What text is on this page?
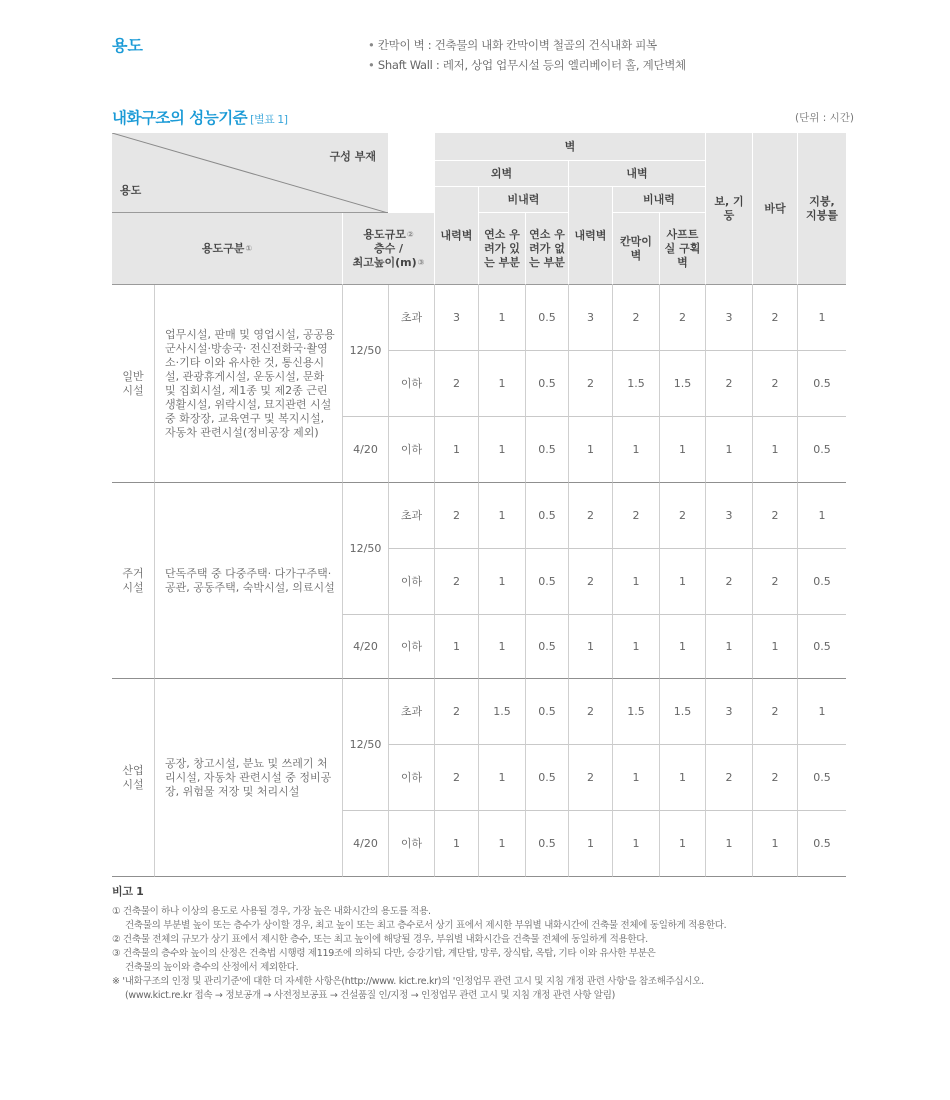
용도
•	칸막이 벽 : 건축물의 내화 칸막이벽 철골의 건식내화 피복
• Shaft Wall : 레저, 상업 업무시설 등의 엘리베이터 홀, 계단벽체
내화구조의 성능기준 [별표 1]	(단위 : 시간)
구성 부재
용도
용도구분 ①
용도규모②
층수 /
최고높이(m)③
벽
외벽	내벽
내력벽
비내력
연소 우려가 있는 부분
연소 우려가 없는 부분
내력벽
비내력
칸막이 벽
사프트 실 구획벽
보, 기둥
바닥
지붕, 지붕틀
일반 시설
업무시설, 판매 및 영업시설, 공공용 군사시설·방송국· 전신전화국·촬영소·기타 이와 유사한 것, 통신용시설, 관광휴게시설, 운동시설, 문화 및 집회시설, 제1종 및 제2종 근린생활시설, 위락시설, 묘지관련 시설 중 화장장, 교육연구 및 복지시설, 자동차 관련시설(정비공장 제외)
12/50
4/20
초과	3	1	0.5	3	2	2	3	2	1
이하	2	1	0.5	2	1.5	1.5	2	2	0.5
이하	1	1	0.5	1	1	1	1	1	0.5
주거 시설
단독주택 중 다중주택· 다가구주택·공관, 공동주택, 숙박시설, 의료시설
12/50
4/20
초과	2	1	0.5	2	2	2	3	2	1
이하	2	1	0.5	2	1	1	2	2	0.5
이하	1	1	0.5	1	1	1	1	1	0.5
산업 시설
공장, 창고시설, 분뇨 및 쓰레기 처리시설, 자동차 관련시설 중 정비공장, 위험물 저장 및 처리시설
12/50
4/20
초과	2	1.5	0.5	2	1.5	1.5	3	2	1
이하	2	1	0.5	2	1	1	2	2	0.5
이하	1	1	0.5	1	1	1	1	1	0.5
비고 1
① 건축물이 하나 이상의 용도로 사용될 경우, 가장 높은 내화시간의 용도를 적용.
건축물의 부분별 높이 또는 층수가 상이할 경우, 최고 높이 또는 최고 층수로서 상기 표에서 제시한 부위별 내화시간에 건축물 전체에 동일하게 적용한다.
② 건축물 전체의 규모가 상기 표에서 제시한 층수, 또는 최고 높이에 해당될 경우, 부위별 내화시간을 건축물 전체에 동일하게 적용한다.
③ 건축물의 층수와 높이의 산정은 건축법 시행령 제119조에 의하되 다만, 승강기탑, 계단탑, 망루, 장식탑, 옥탑, 기타 이와 유사한 부분은
건축물의 높이와 층수의 산정에서 제외한다.
※ '내화구조의 인정 및 관리기준'에 대한 더 자세한 사항은(http://www. kict.re.kr)의 '인정업무 관련 고시 및 지침 개정 관련 사항'을 참조해주십시오.
(www.kict.re.kr 접속 → 정보공개 → 사전정보공표 → 건설품질 인/지정 → 인정업무 관련 고시 및 지침 개정 관련 사항 알림)
